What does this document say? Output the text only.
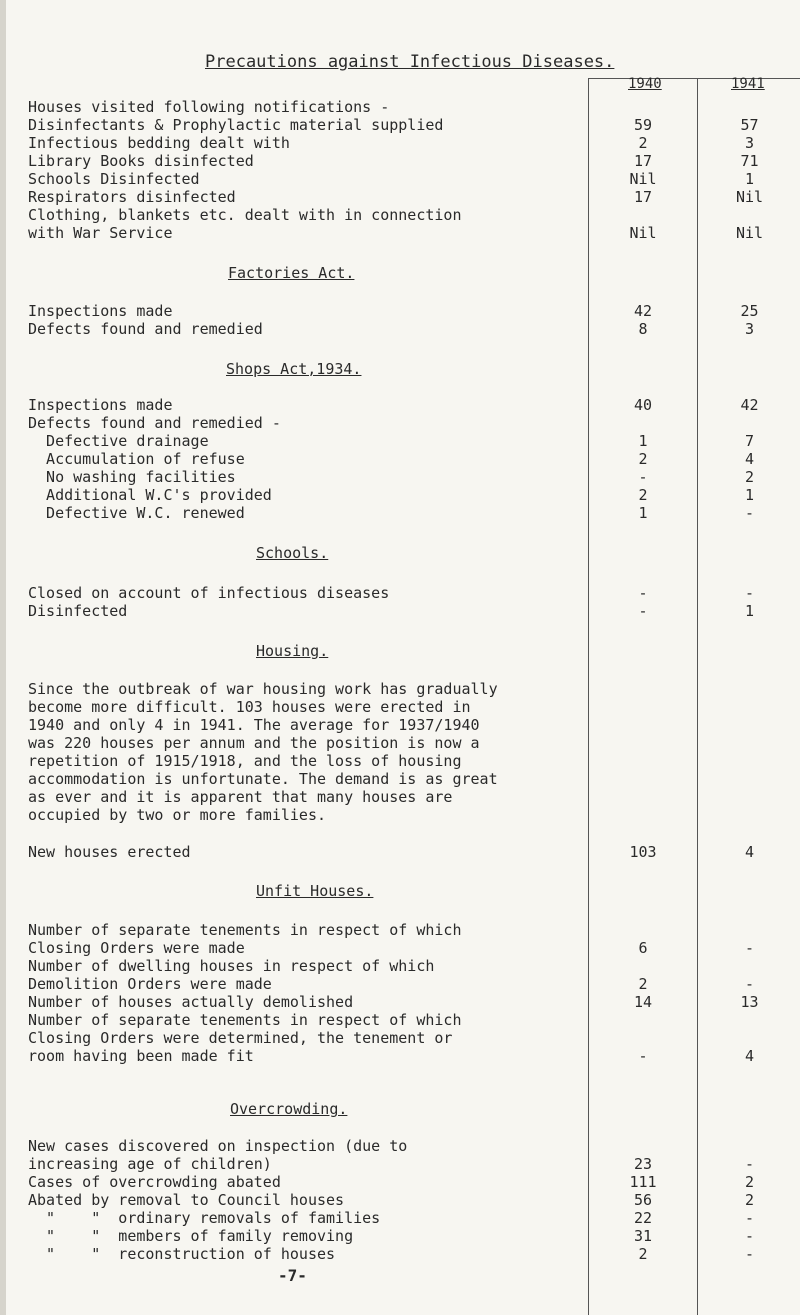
Precautions against Infectious Diseases.
1940	1941
Houses visited following notifications -
Disinfectants & Prophylactic material supplied	59	57
Infectious bedding dealt with	2	3
Library Books disinfected	17	71
Schools Disinfected	Nil	1
Respirators disinfected	17	Nil
Clothing, blankets etc. dealt with in connection
with War Service	Nil	Nil
Factories Act.
Inspections made	42	25
Defects found and remedied	8	3
Shops Act,1934.
Inspections made	40	42
Defects found and remedied -
Defective drainage	1	7
Accumulation of refuse	2	4
No washing facilities	-	2
Additional W.C's provided	2	1
Defective W.C. renewed	1	-
Schools.
Closed on account of infectious diseases	-	-
Disinfected	-	1
Housing.
Since the outbreak of war housing work has gradually
become more difficult. 103 houses were erected in
1940 and only 4 in 1941. The average for 1937/1940
was 220 houses per annum and the position is now a
repetition of 1915/1918, and the loss of housing
accommodation is unfortunate. The demand is as great
as ever and it is apparent that many houses are
occupied by two or more families.
New houses erected	103	4
Unfit Houses.
Number of separate tenements in respect of which
Closing Orders were made	6	-
Number of dwelling houses in respect of which
Demolition Orders were made	2	-
Number of houses actually demolished	14	13
Number of separate tenements in respect of which
Closing Orders were determined, the tenement or
room having been made fit	-	4
Overcrowding.
New cases discovered on inspection (due to
increasing age of children)	23	-
Cases of overcrowding abated	111	2
Abated by removal to Council houses	56	2
"    "  ordinary removals of families	22	-
"    "  members of family removing	31	-
"    "  reconstruction of houses	2	-
-7-
